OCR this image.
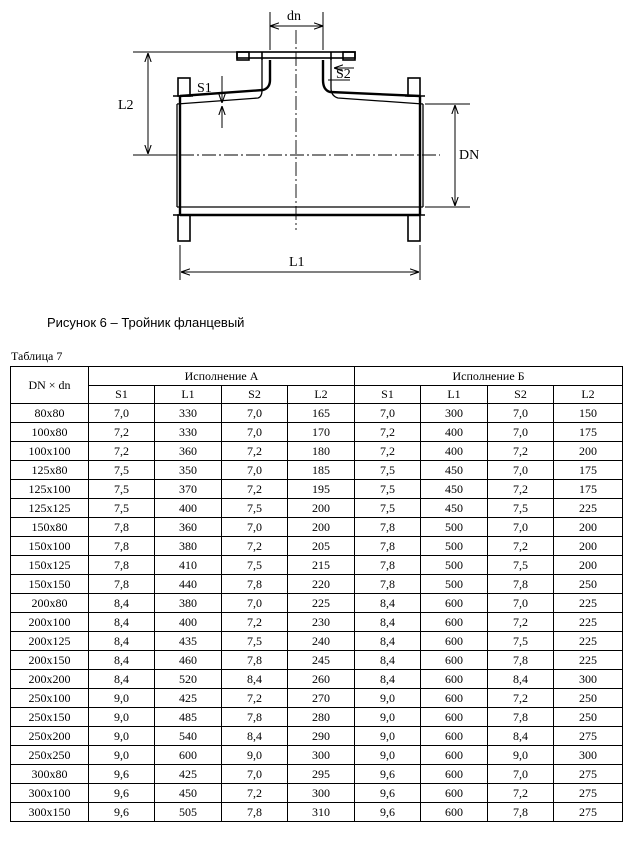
dn
L2
S1
S2
DN
L1
Рисунок 6 – Тройник фланцевый
Таблица 7
DN × dn	Исполнение А				Исполнение Б			
	S1	L1	S2	L2	S1	L1	S2	L2
80х80	7,0	330	7,0	165	7,0	300	7,0	150
100х80	7,2	330	7,0	170	7,2	400	7,0	175
100х100	7,2	360	7,2	180	7,2	400	7,2	200
125х80	7,5	350	7,0	185	7,5	450	7,0	175
125х100	7,5	370	7,2	195	7,5	450	7,2	175
125х125	7,5	400	7,5	200	7,5	450	7,5	225
150х80	7,8	360	7,0	200	7,8	500	7,0	200
150х100	7,8	380	7,2	205	7,8	500	7,2	200
150х125	7,8	410	7,5	215	7,8	500	7,5	200
150х150	7,8	440	7,8	220	7,8	500	7,8	250
200х80	8,4	380	7,0	225	8,4	600	7,0	225
200х100	8,4	400	7,2	230	8,4	600	7,2	225
200х125	8,4	435	7,5	240	8,4	600	7,5	225
200х150	8,4	460	7,8	245	8,4	600	7,8	225
200х200	8,4	520	8,4	260	8,4	600	8,4	300
250х100	9,0	425	7,2	270	9,0	600	7,2	250
250х150	9,0	485	7,8	280	9,0	600	7,8	250
250х200	9,0	540	8,4	290	9,0	600	8,4	275
250х250	9,0	600	9,0	300	9,0	600	9,0	300
300х80	9,6	425	7,0	295	9,6	600	7,0	275
300х100	9,6	450	7,2	300	9,6	600	7,2	275
300х150	9,6	505	7,8	310	9,6	600	7,8	275
